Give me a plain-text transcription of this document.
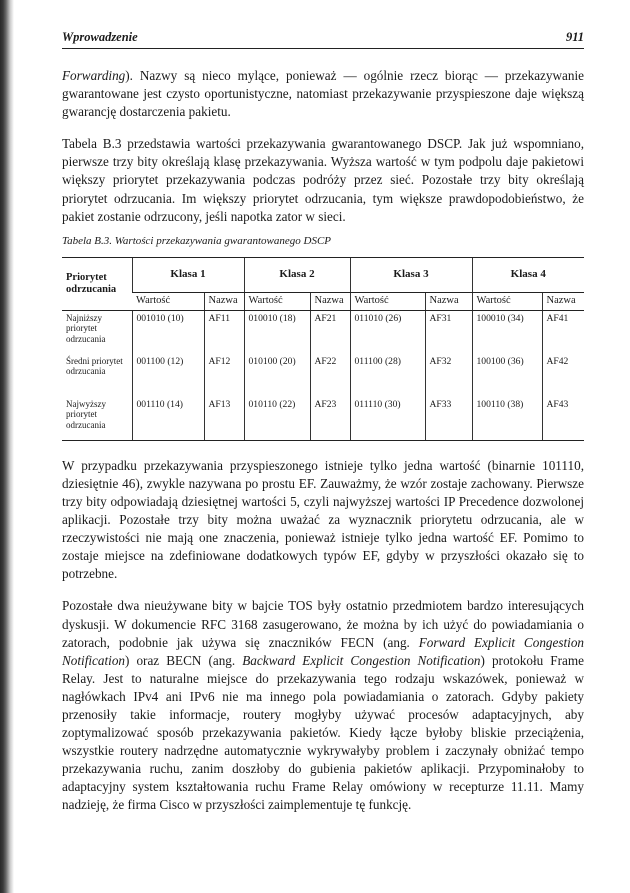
Wprowadzenie	911

Forwarding). Nazwy są nieco mylące, ponieważ — ogólnie rzecz biorąc — przekazywanie gwarantowane jest czysto oportunistyczne, natomiast przekazywanie przyspieszone daje większą gwarancję dostarczenia pakietu.

Tabela B.3 przedstawia wartości przekazywania gwarantowanego DSCP. Jak już wspomniano, pierwsze trzy bity określają klasę przekazywania. Wyższa wartość w tym podpolu daje pakietowi większy priorytet przekazywania podczas podróży przez sieć. Pozostałe trzy bity określają priorytet odrzucania. Im większy priorytet odrzucania, tym większe prawdopodobieństwo, że pakiet zostanie odrzucony, jeśli napotka zator w sieci.

Tabela B.3. Wartości przekazywania gwarantowanego DSCP
Priorytet odrzucania	Klasa 1		Klasa 2		Klasa 3		Klasa 4	
	Wartość	Nazwa	Wartość	Nazwa	Wartość	Nazwa	Wartość	Nazwa
Najniższy priorytet odrzucania	001010 (10)	AF11	010010 (18)	AF21	011010 (26)	AF31	100010 (34)	AF41
Średni priorytet odrzucania	001100 (12)	AF12	010100 (20)	AF22	011100 (28)	AF32	100100 (36)	AF42
Najwyższy priorytet odrzucania	001110 (14)	AF13	010110 (22)	AF23	011110 (30)	AF33	100110 (38)	AF43

W przypadku przekazywania przyspieszonego istnieje tylko jedna wartość (binarnie 101110, dziesiętnie 46), zwykle nazywana po prostu EF. Zauważmy, że wzór zostaje zachowany. Pierwsze trzy bity odpowiadają dziesiętnej wartości 5, czyli najwyższej wartości IP Precedence dozwolonej aplikacji. Pozostałe trzy bity można uważać za wyznacznik priorytetu odrzucania, ale w rzeczywistości nie mają one znaczenia, ponieważ istnieje tylko jedna wartość EF. Pomimo to zostaje miejsce na zdefiniowane dodatkowych typów EF, gdyby w przyszłości okazało się to potrzebne.

Pozostałe dwa nieużywane bity w bajcie TOS były ostatnio przedmiotem bardzo interesujących dyskusji. W dokumencie RFC 3168 zasugerowano, że można by ich użyć do powiadamiania o zatorach, podobnie jak używa się znaczników FECN (ang. Forward Explicit Congestion Notification) oraz BECN (ang. Backward Explicit Congestion Notification) protokołu Frame Relay. Jest to naturalne miejsce do przekazywania tego rodzaju wskazówek, ponieważ w nagłówkach IPv4 ani IPv6 nie ma innego pola powiadamiania o zatorach. Gdyby pakiety przenosiły takie informacje, routery mogłyby używać procesów adaptacyjnych, aby zoptymalizować sposób przekazywania pakietów. Kiedy łącze byłoby bliskie przeciążenia, wszystkie routery nadrzędne automatycznie wykrywałyby problem i zaczynały obniżać tempo przekazywania ruchu, zanim doszłoby do gubienia pakietów aplikacji. Przypominałoby to adaptacyjny system kształtowania ruchu Frame Relay omówiony w recepturze 11.11. Mamy nadzieję, że firma Cisco w przyszłości zaimplementuje tę funkcję.
